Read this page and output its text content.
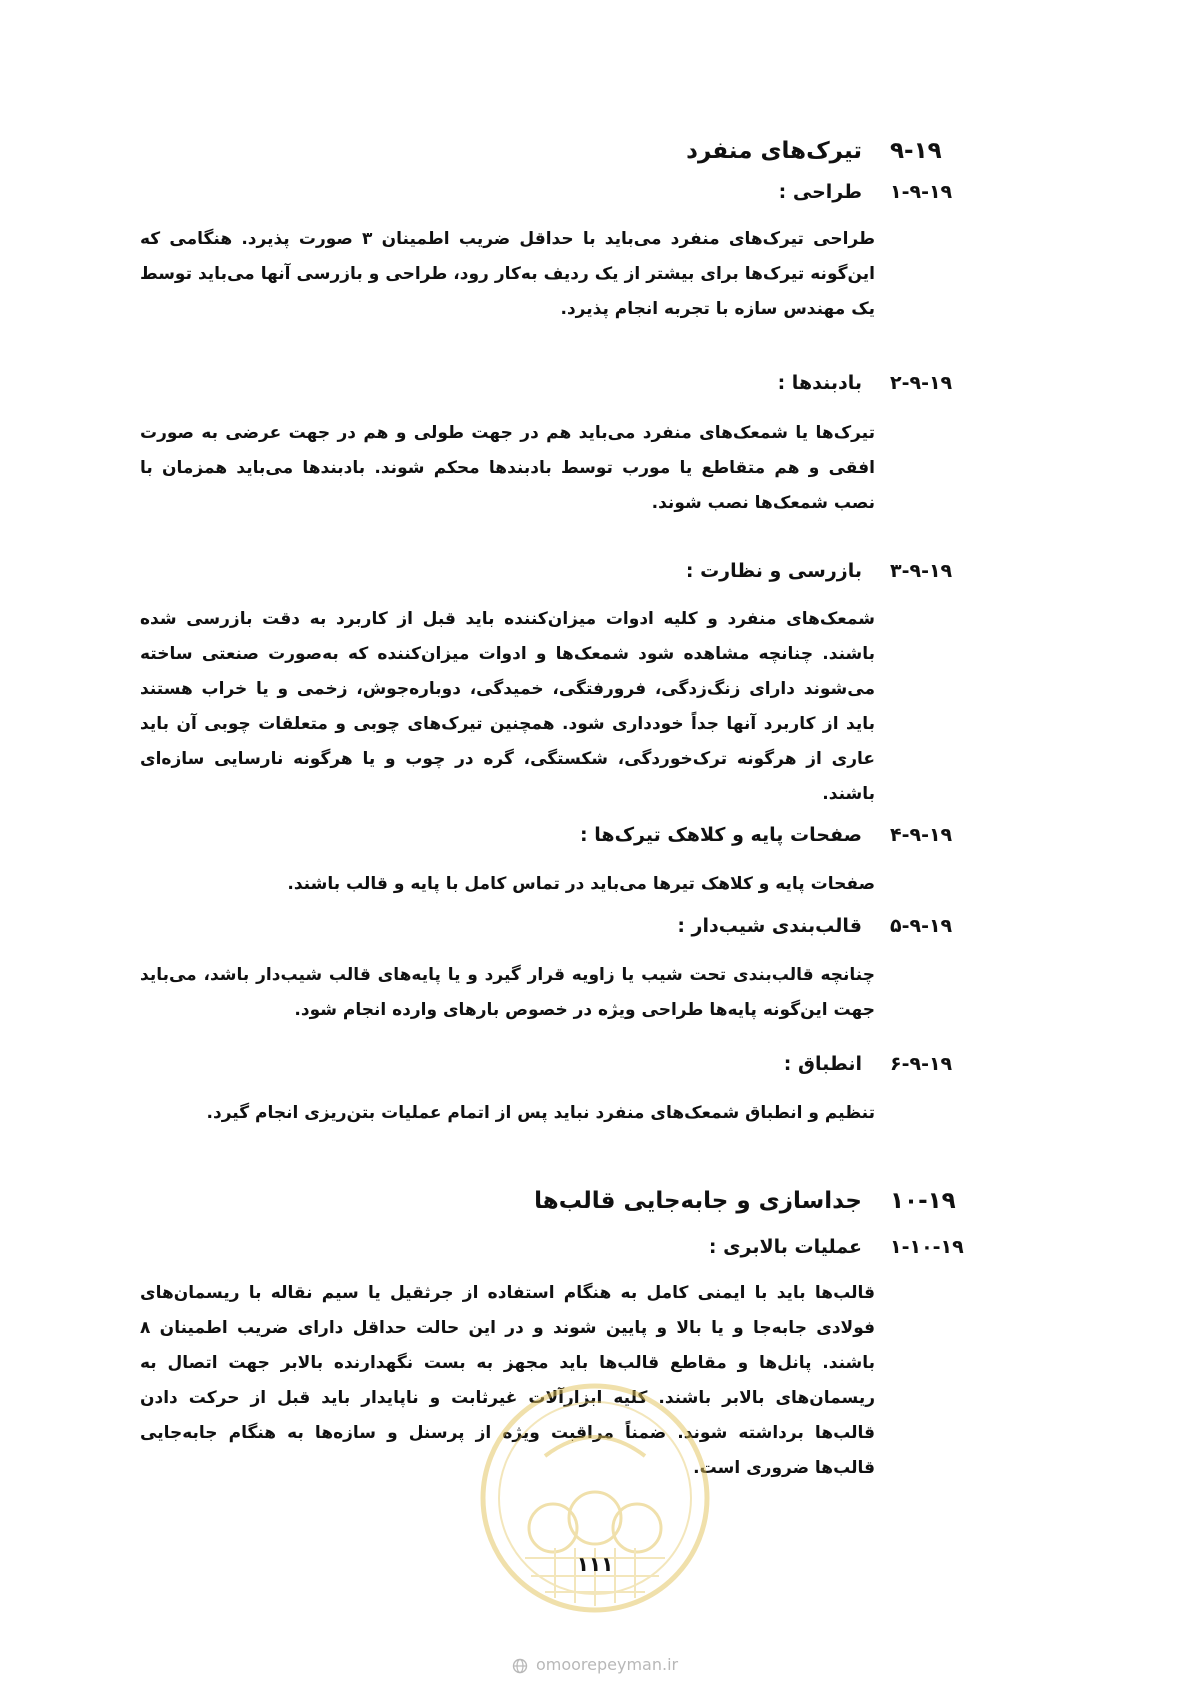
۹-۱۹
تیرک‌های منفرد
۱-۹-۱۹
طراحی :

طراحی تیرک‌های منفرد می‌باید با حداقل ضریب اطمینان ۳ صورت پذیرد. هنگامی که این‌گونه تیرک‌ها برای بیشتر از یک ردیف به‌کار رود، طراحی و بازرسی آنها می‌باید توسط یک مهندس سازه با تجربه انجام پذیرد.

۲-۹-۱۹
بادبندها :

تیرک‌ها یا شمعک‌های منفرد می‌باید هم در جهت طولی و هم در جهت عرضی به صورت افقی و هم متقاطع یا مورب توسط بادبندها محکم شوند. بادبندها می‌باید همزمان با نصب شمعک‌ها نصب شوند.

۳-۹-۱۹
بازرسی و نظارت :

شمعک‌های منفرد و کلیه ادوات میزان‌کننده باید قبل از کاربرد به دقت بازرسی شده باشند. چنانچه مشاهده شود شمعک‌ها و ادوات میزان‌کننده که به‌صورت صنعتی ساخته می‌شوند دارای زنگ‌زدگی، فرورفتگی، خمیدگی، دوباره‌جوش، زخمی و یا خراب هستند باید از کاربرد آنها جداً خودداری شود. همچنین تیرک‌های چوبی و متعلقات چوبی آن باید عاری از هرگونه ترک‌خوردگی، شکستگی، گره در چوب و یا هرگونه نارسایی سازه‌ای باشند.

۴-۹-۱۹
صفحات پایه و کلاهک تیرک‌ها :

صفحات پایه و کلاهک تیرها می‌باید در تماس کامل با پایه و قالب باشند.

۵-۹-۱۹
قالب‌بندی شیب‌دار :

چنانچه قالب‌بندی تحت شیب یا زاویه قرار گیرد و یا پایه‌های قالب شیب‌دار باشد، می‌باید جهت این‌گونه پایه‌ها طراحی ویژه در خصوص بارهای وارده انجام شود.

۶-۹-۱۹
انطباق :

تنظیم و انطباق شمعک‌های منفرد نباید پس از اتمام عملیات بتن‌ریزی انجام گیرد.

۱۰-۱۹
جداسازی و جابه‌جایی قالب‌ها
۱-۱۰-۱۹
عملیات بالابری :

قالب‌ها باید با ایمنی کامل به هنگام استفاده از جرثقیل یا سیم نقاله با ریسمان‌های فولادی جابه‌جا و یا بالا و پایین شوند و در این حالت حداقل دارای ضریب اطمینان ۸ باشند. پانل‌ها و مقاطع قالب‌ها باید مجهز به بست نگهدارنده بالابر جهت اتصال به ریسمان‌های بالابر باشند. کلیه ابزارآلات غیرثابت و ناپایدار باید قبل از حرکت دادن قالب‌ها برداشته شوند. ضمناً مراقبت ویژه از پرسنل و سازه‌ها به هنگام جابه‌جایی قالب‌ها ضروری است.

۱۱۱
omoorepeyman.ir
